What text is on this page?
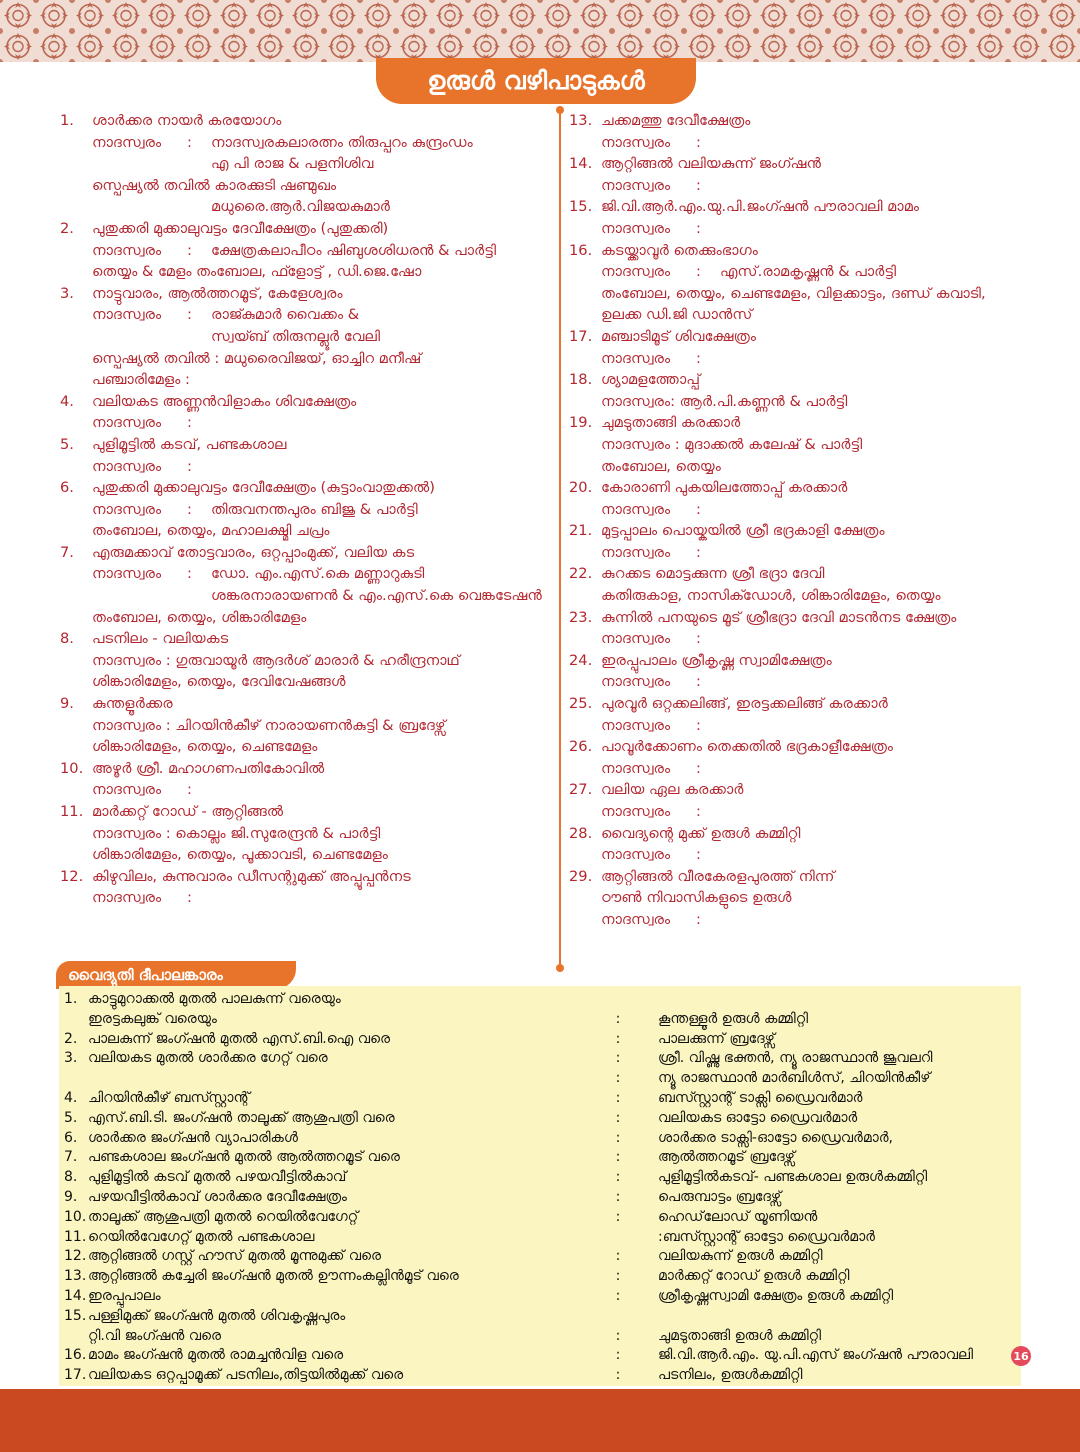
ഉരുൾ വഴിപാടുകൾ
1.	ശാർക്കര നായർ കരയോഗം
നാദസ്വരം	:	നാദസ്വരകലാരത്നം തിരുപ്പറം കുന്ദ്രംഡം
എ പി രാജ & പളനിശിവ
സ്പെഷ്യൽ തവിൽ കാരക്കുടി ഷണ്മുഖം
മധുരൈ.ആർ.വിജയകുമാർ
2.	പുതുക്കരി മുക്കാലുവട്ടം ദേവീക്ഷേത്രം (പുതുക്കരി)
നാദസ്വരം	:	ക്ഷേത്രകലാപീഠം ഷിബുശശിധരൻ & പാർട്ടി
തെയ്യം & മേളം തംബോല, ഫ്ളോട്ട് , ഡി.ജെ.ഷോ
3.	നാട്ടുവാരം, ആൽത്തറമൂട്, കേളേശ്വരം
നാദസ്വരം	:	രാജ്കുമാർ വൈക്കം &
സ്വയ്ബ് തിരുനല്ലൂർ വേലി
സ്പെഷ്യൽ തവിൽ : മധുരൈവിജയ്, ഓച്ചിറ മനീഷ്
പഞ്ചാരിമേളം :
4.	വലിയകട അണ്ണൻവിളാകം ശിവക്ഷേത്രം
നാദസ്വരം	:
5.	പുളിമൂട്ടിൽ കടവ്, പണ്ടകശാല
നാദസ്വരം	:
6.	പുതുക്കരി മുക്കാലുവട്ടം ദേവീക്ഷേത്രം (കുട്ടാംവാതുക്കൽ)
നാദസ്വരം	:	തിരുവനന്തപുരം ബിജു & പാർട്ടി
തംബോല, തെയ്യം, മഹാലക്ഷ്മി ചപ്രം
7.	എരുമക്കാവ് തോട്ടവാരം, ഒറ്റപ്പാംമുക്ക്, വലിയ കട
നാദസ്വരം	:	ഡോ. എം.എസ്.കെ മണ്ണാറുകുടി
ശങ്കരനാരായണൻ & എം.എസ്.കെ വെങ്കടേഷൻ
തംബോല, തെയ്യം, ശിങ്കാരിമേളം
8.	പടനിലം - വലിയകട
നാദസ്വരം : ഗുരുവായൂർ ആദർശ് മാരാർ & ഹരീന്ദ്രനാഥ്
ശിങ്കാരിമേളം, തെയ്യം, ദേവിവേഷങ്ങൾ
9.	കുന്തളൂർക്കര
നാദസ്വരം : ചിറയിൻകീഴ് നാരായണൻകുട്ടി & ബ്രദേഴ്സ്
ശിങ്കാരിമേളം, തെയ്യം, ചെണ്ടമേളം
10. അഴൂർ ശ്രീ. മഹാഗണപതികോവിൽ
നാദസ്വരം	:
11. മാർക്കറ്റ് റോഡ് - ആറ്റിങ്ങൽ
നാദസ്വരം : കൊല്ലം ജി.സുരേന്ദ്രൻ & പാർട്ടി
ശിങ്കാരിമേളം, തെയ്യം, പൂക്കാവടി, ചെണ്ടമേളം
12. കിഴുവിലം, കുന്നുവാരം ഡീസന്റുമുക്ക് അപ്പൂപ്പൻനട
നാദസ്വരം	:
13. ചക്കമത്തു ദേവീക്ഷേത്രം
നാദസ്വരം	:
14. ആറ്റിങ്ങൽ വലിയകുന്ന് ജംഗ്ഷൻ
നാദസ്വരം	:
15. ജി.വി.ആർ.എം.യു.പി.ജംഗ്ഷൻ പൗരാവലി മാമം
നാദസ്വരം	:
16. കടയ്ക്കാവൂർ തെക്കുംഭാഗം
നാദസ്വരം	:	എസ്.രാമകൃഷ്ണൻ & പാർട്ടി
തംബോല, തെയ്യം, ചെണ്ടമേളം, വിളക്കാട്ടം, ദണ്ഡ് കവാടി,
ഉലക്ക ഡി.ജി ഡാൻസ്
17. മഞ്ചാടിമൂട് ശിവക്ഷേത്രം
നാദസ്വരം	:
18. ശ്യാമളത്തോപ്പ്
നാദസ്വരം: ആർ.പി.കണ്ണൻ & പാർട്ടി
19. ചുമടുതാങ്ങി കരക്കാർ
നാദസ്വരം : മുദാക്കൽ കലേഷ് & പാർട്ടി
തംബോല, തെയ്യം
20. കോരാണി പുകയിലത്തോപ്പ് കരക്കാർ
നാദസ്വരം	:
21. മുട്ടപ്പാലം പൊയ്കയിൽ ശ്രീ ഭദ്രകാളി ക്ഷേത്രം
നാദസ്വരം	:
22. കുറക്കട മൊട്ടക്കുന്ന ശ്രീ ഭദ്രാ ദേവി
കതിരുകാള, നാസിക്ഡോൾ, ശിങ്കാരിമേളം, തെയ്യം
23. കുന്നിൽ പനയുടെ മൂട് ശ്രീഭദ്രാ ദേവി മാടൻനട ക്ഷേത്രം
നാദസ്വരം	:
24. ഇരപ്പുപാലം ശ്രീകൃഷ്ണ സ്വാമിക്ഷേത്രം
നാദസ്വരം	:
25. പുരവൂർ ഒറ്റക്കലിങ്ങ്, ഇരട്ടക്കലിങ്ങ് കരക്കാർ
നാദസ്വരം	:
26. പാവൂർക്കോണം തെക്കതിൽ ഭദ്രകാളീക്ഷേത്രം
നാദസ്വരം	:
27. വലിയ ഏല കരക്കാർ
നാദസ്വരം	:
28. വൈദ്യന്റെ മുക്ക് ഉരുൾ കമ്മിറ്റി
നാദസ്വരം	:
29. ആറ്റിങ്ങൽ വീരകേരളപുരത്ത് നിന്ന്
ഠൗൺ നിവാസികളുടെ ഉരുൾ
നാദസ്വരം	:
വൈദ്യുതി ദീപാലങ്കാരം
1. കാട്ടുമുറാക്കൽ മുതൽ പാലകുന്ന് വരെയും
ഇരട്ടകലുങ്ക് വരെയും	:	കൂന്തള്ളൂർ ഉരുൾ കമ്മിറ്റി
2. പാലകുന്ന് ജംഗ്ഷൻ മുതൽ എസ്.ബി.ഐ വരെ	:	പാലക്കുന്ന് ബ്രദേഴ്സ്
3. വലിയകട മുതൽ ശാർക്കര ഗേറ്റ് വരെ	:	ശ്രീ. വിഷ്ണു ഭക്തൻ, ന്യൂ രാജസ്ഥാൻ ജൂവലറി
:	ന്യൂ രാജസ്ഥാൻ മാർബിൾസ്, ചിറയിൻകീഴ്
4. ചിറയിൻകീഴ് ബസ്സ്റ്റാന്റ്	:	ബസ്സ്റ്റാന്റ് ടാക്സി ഡ്രൈവർമാർ
5. എസ്.ബി.ടി. ജംഗ്ഷൻ താലൂക്ക് ആശുപത്രി വരെ	:	വലിയകട ഓട്ടോ ഡ്രൈവർമാർ
6. ശാർക്കര ജംഗ്ഷൻ വ്യാപാരികൾ	:	ശാർക്കര ടാക്സി-ഓട്ടോ ഡ്രൈവർമാർ,
7. പണ്ടകശാല ജംഗ്ഷൻ മുതൽ ആൽത്തറമൂട് വരെ	:	ആൽത്തറമൂട് ബ്രദേഴ്സ്
8. പുളിമൂട്ടിൽ കടവ് മുതൽ പഴയവീട്ടിൽകാവ്	:	പുളിമൂട്ടിൽകടവ്- പണ്ടകശാല ഉരുൾകമ്മിറ്റി
9. പഴയവീട്ടിൽകാവ് ശാർക്കര ദേവീക്ഷേത്രം	:	പെരുമ്പാട്ടം ബ്രദേഴ്സ്
10. താലൂക്ക് ആശുപത്രി മുതൽ റെയിൽവേഗേറ്റ്	:	ഹെഡ്‌ലോഡ് യൂണിയൻ
11. റെയിൽവേഗേറ്റ് മുതൽ പണ്ടകശാല	:ബസ്സ്റ്റാന്റ് ഓട്ടോ ഡ്രൈവർമാർ
12. ആറ്റിങ്ങൽ ഗസ്റ്റ് ഹൗസ് മുതൽ മൂന്നുമുക്ക് വരെ	:	വലിയകുന്ന് ഉരുൾ കമ്മിറ്റി
13. ആറ്റിങ്ങൽ കച്ചേരി ജംഗ്ഷൻ മുതൽ ഊന്നംകല്ലിൻമൂട് വരെ	:	മാർക്കറ്റ് റോഡ് ഉരുൾ കമ്മിറ്റി
14. ഇരപ്പുപാലം	:	ശ്രീകൃഷ്ണസ്വാമി ക്ഷേത്രം ഉരുൾ കമ്മിറ്റി
15. പള്ളിമുക്ക് ജംഗ്ഷൻ മുതൽ ശിവകൃഷ്ണപുരം
റ്റി.വി ജംഗ്ഷൻ വരെ	:	ചുമടുതാങ്ങി ഉരുൾ കമ്മിറ്റി
16. മാമം ജംഗ്ഷൻ മുതൽ രാമച്ചൻവിള വരെ	:	ജി.വി.ആർ.എം. യു.പി.എസ് ജംഗ്ഷൻ പൗരാവലി
17. വലിയകട ഒറ്റപ്പാമൂക്ക് പടനിലം,തിട്ടയിൽമുക്ക് വരെ	:	പടനിലം, ഉരുൾകമ്മിറ്റി
16
